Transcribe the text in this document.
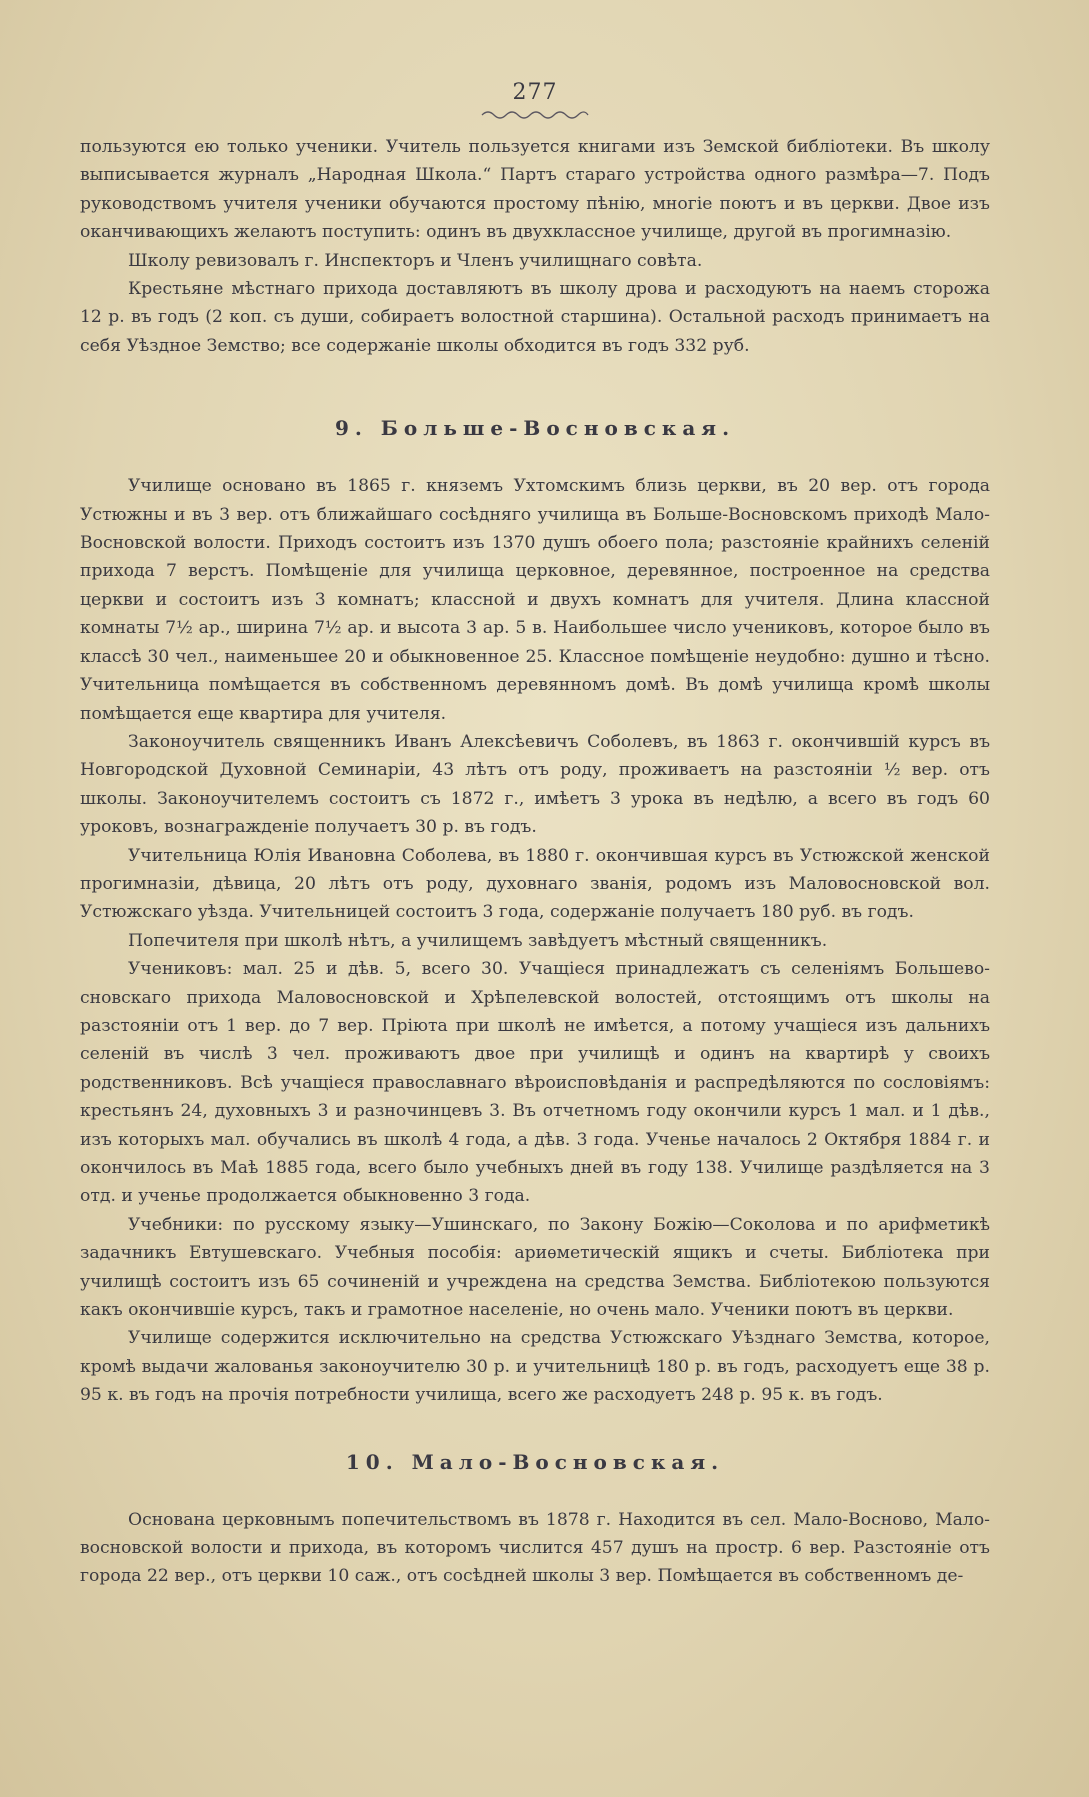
277

пользуются ею только ученики. Учитель пользуется книгами изъ Земской библіотеки. Въ школу выписывается журналъ „Народная Школа.“ Партъ стараго устройства одного размѣра—7. Подъ руководствомъ учителя ученики обучаются простому пѣнію, многіе поютъ и въ церкви. Двое изъ оканчивающихъ желаютъ поступить: одинъ въ двухклассное училище, другой въ прогимназію.

Школу ревизовалъ г. Инспекторъ и Членъ училищнаго совѣта.

Крестьяне мѣстнаго прихода доставляютъ въ школу дрова и расходуютъ на наемъ сторожа 12 р. въ годъ (2 коп. съ души, собираетъ волостной старшина). Остальной расходъ принимаетъ на себя Уѣздное Земство; все содержаніе школы обходится въ годъ 332 руб.

9. Больше-Восновская.

Училище основано въ 1865 г. княземъ Ухтомскимъ близь церкви, въ 20 вер. отъ города Устюжны и въ 3 вер. отъ ближайшаго сосѣдняго училища въ Больше-Восновскомъ приходѣ Мало-Восновской волости. Приходъ состоитъ изъ 1370 душъ обоего пола; разстояніе крайнихъ селеній прихода 7 верстъ. Помѣщеніе для училища церковное, деревянное, построенное на средства церкви и состоитъ изъ 3 комнатъ; классной и двухъ комнатъ для учителя. Длина классной комнаты 7½ ар., ширина 7½ ар. и высота 3 ар. 5 в. Наибольшее число учениковъ, которое было въ классѣ 30 чел., наименьшее 20 и обыкновенное 25. Классное помѣщеніе неудобно: душно и тѣсно. Учительница помѣщается въ собственномъ деревянномъ домѣ. Въ домѣ училища кромѣ школы помѣщается еще квартира для учителя.

Законоучитель священникъ Иванъ Алексѣевичъ Соболевъ, въ 1863 г. окончившій курсъ въ Новгородской Духовной Семинаріи, 43 лѣтъ отъ роду, проживаетъ на разстояніи ½ вер. отъ школы. Законоучителемъ состоитъ съ 1872 г., имѣетъ 3 урока въ недѣлю, а всего въ годъ 60 уроковъ, вознагражденіе получаетъ 30 р. въ годъ.

Учительница Юлія Ивановна Соболева, въ 1880 г. окончившая курсъ въ Устюжской женской прогимназіи, дѣвица, 20 лѣтъ отъ роду, духовнаго званія, родомъ изъ Маловосновской вол. Устюжскаго уѣзда. Учительницей состоитъ 3 года, содержаніе получаетъ 180 руб. въ годъ.

Попечителя при школѣ нѣтъ, а училищемъ завѣдуетъ мѣстный священникъ.

Учениковъ: мал. 25 и дѣв. 5, всего 30. Учащіеся принадлежатъ съ селеніямъ Большево-сновскаго прихода Маловосновской и Хрѣпелевской волостей, отстоящимъ отъ школы на разстояніи отъ 1 вер. до 7 вер. Пріюта при школѣ не имѣется, а потому учащіеся изъ дальнихъ селеній въ числѣ 3 чел. проживаютъ двое при училищѣ и одинъ на квартирѣ у своихъ родственниковъ. Всѣ учащіеся православнаго вѣроисповѣданія и распредѣляются по сословіямъ: крестьянъ 24, духовныхъ 3 и разночинцевъ 3. Въ отчетномъ году окончили курсъ 1 мал. и 1 дѣв., изъ которыхъ мал. обучались въ школѣ 4 года, а дѣв. 3 года. Ученье началось 2 Октября 1884 г. и окончилось въ Маѣ 1885 года, всего было учебныхъ дней въ году 138. Училище раздѣляется на 3 отд. и ученье продолжается обыкновенно 3 года.

Учебники: по русскому языку—Ушинскаго, по Закону Божію—Соколова и по арифметикѣ задачникъ Евтушевскаго. Учебныя пособія: ариѳметическій ящикъ и счеты. Библіотека при училищѣ состоитъ изъ 65 сочиненій и учреждена на средства Земства. Библіотекою пользуются какъ окончившіе курсъ, такъ и грамотное населеніе, но очень мало. Ученики поютъ въ церкви.

Училище содержится исключительно на средства Устюжскаго Уѣзднаго Земства, которое, кромѣ выдачи жалованья законоучителю 30 р. и учительницѣ 180 р. въ годъ, расходуетъ еще 38 р. 95 к. въ годъ на прочія потребности училища, всего же расходуетъ 248 р. 95 к. въ годъ.

10. Мало-Восновская.

Основана церковнымъ попечительствомъ въ 1878 г. Находится въ сел. Мало-Восново, Мало-восновской волости и прихода, въ которомъ числится 457 душъ на простр. 6 вер. Разстояніе отъ города 22 вер., отъ церкви 10 саж., отъ сосѣдней школы 3 вер. Помѣщается въ собственномъ де-
